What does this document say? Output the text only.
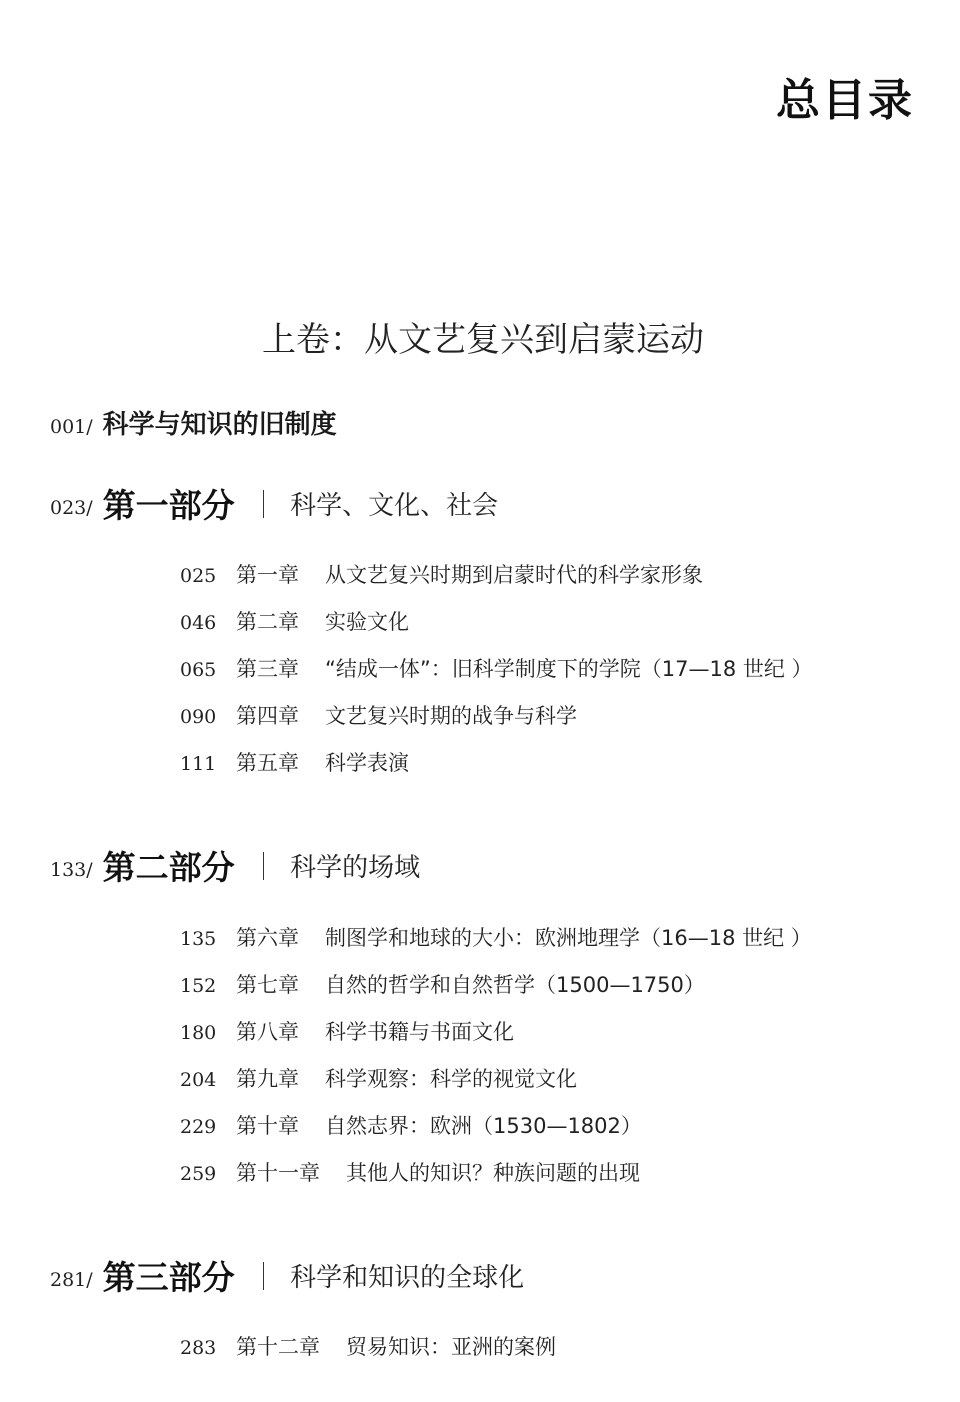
总目录
上卷：从文艺复兴到启蒙运动
001/ 科学与知识的旧制度
023/ 第一部分 科学、文化、社会
025 第一章 从文艺复兴时期到启蒙时代的科学家形象
046 第二章 实验文化
065 第三章 “结成一体”：旧科学制度下的学院（17—18 世纪 ）
090 第四章 文艺复兴时期的战争与科学
111 第五章 科学表演
133/ 第二部分 科学的场域
135 第六章 制图学和地球的大小：欧洲地理学（16—18 世纪 ）
152 第七章 自然的哲学和自然哲学（1500—1750）
180 第八章 科学书籍与书面文化
204 第九章 科学观察：科学的视觉文化
229 第十章 自然志界：欧洲（1530—1802）
259 第十一章 其他人的知识？种族问题的出现
281/ 第三部分 科学和知识的全球化
283 第十二章 贸易知识：亚洲的案例
